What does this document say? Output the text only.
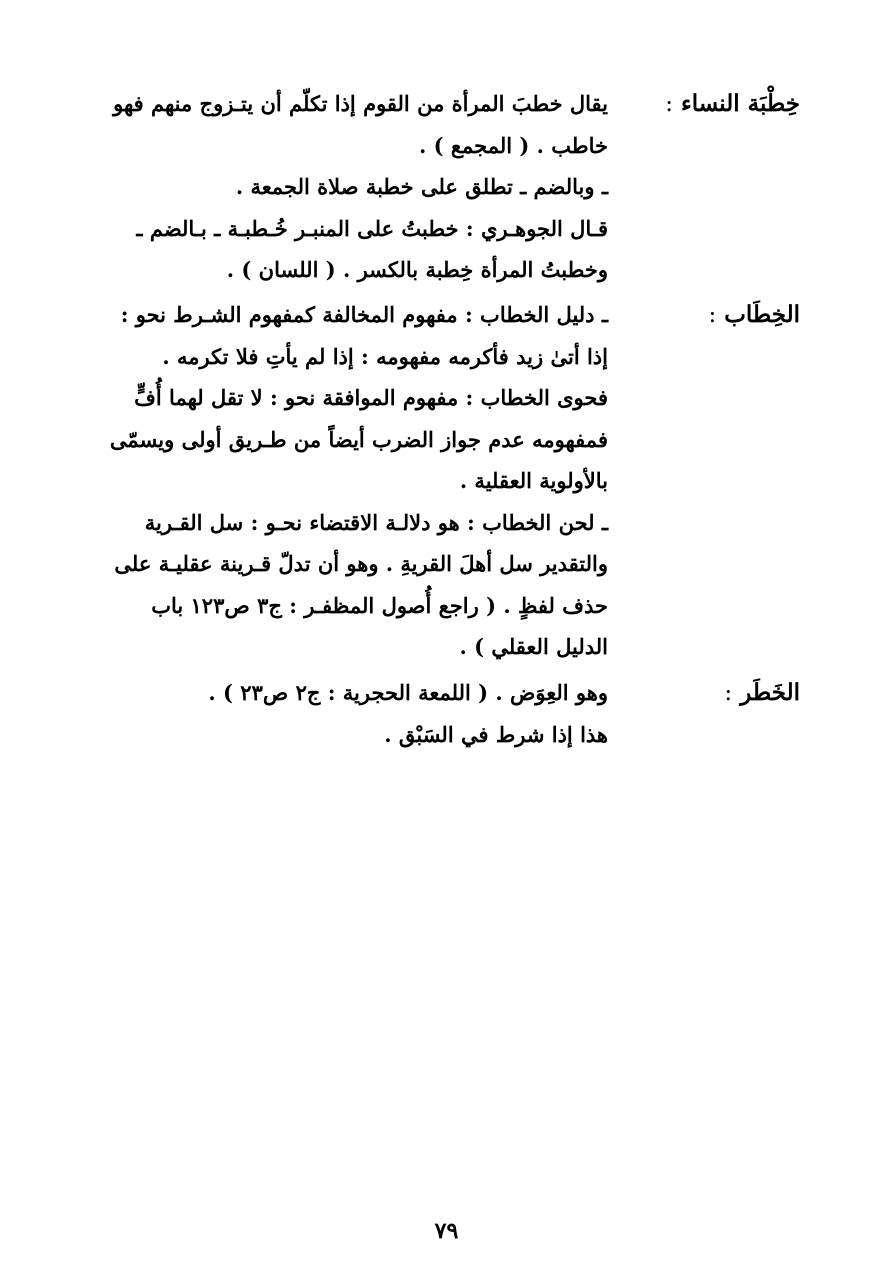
خِطْبَة النساء :
يقال خطبَ المرأة من القوم إذا تكلّم أن يتـزوج منهم فهو
خاطب . ( المجمع ) .
ـ وبالضم ـ تطلق على خطبة صلاة الجمعة .
قـال الجوهـري : خطبتُ على المنبـر خُـطبـة ـ بـالضم ـ
وخطبتُ المرأة خِطبة بالكسر . ( اللسان ) .
الخِطَاب :
ـ دليل الخطاب : مفهوم المخالفة كمفهوم الشـرط نحو :
إذا أتىٰ زيد فأكرمه مفهومه : إذا لم يأتِ فلا تكرمه .
فحوى الخطاب : مفهوم الموافقة نحو : لا تقل لهما أُفٍّ
فمفهومه عدم جواز الضرب أيضاً من طـريق أولى ويسمّى
بالأولوية العقلية .
ـ لحن الخطاب : هو دلالـة الاقتضاء نحـو : سل القـرية
والتقدير سل أهلَ القريةِ . وهو أن تدلّ قـرينة عقليـة على
حذف لفظٍ . ( راجع أُصول المظفـر : ج٣ ص١٢٣ باب
الدليل العقلي ) .
الخَطَر :
وهو العِوَض . ( اللمعة الحجرية : ج٢ ص٢٣ ) .
هذا إذا شرط في السَبْق .
٧٩
